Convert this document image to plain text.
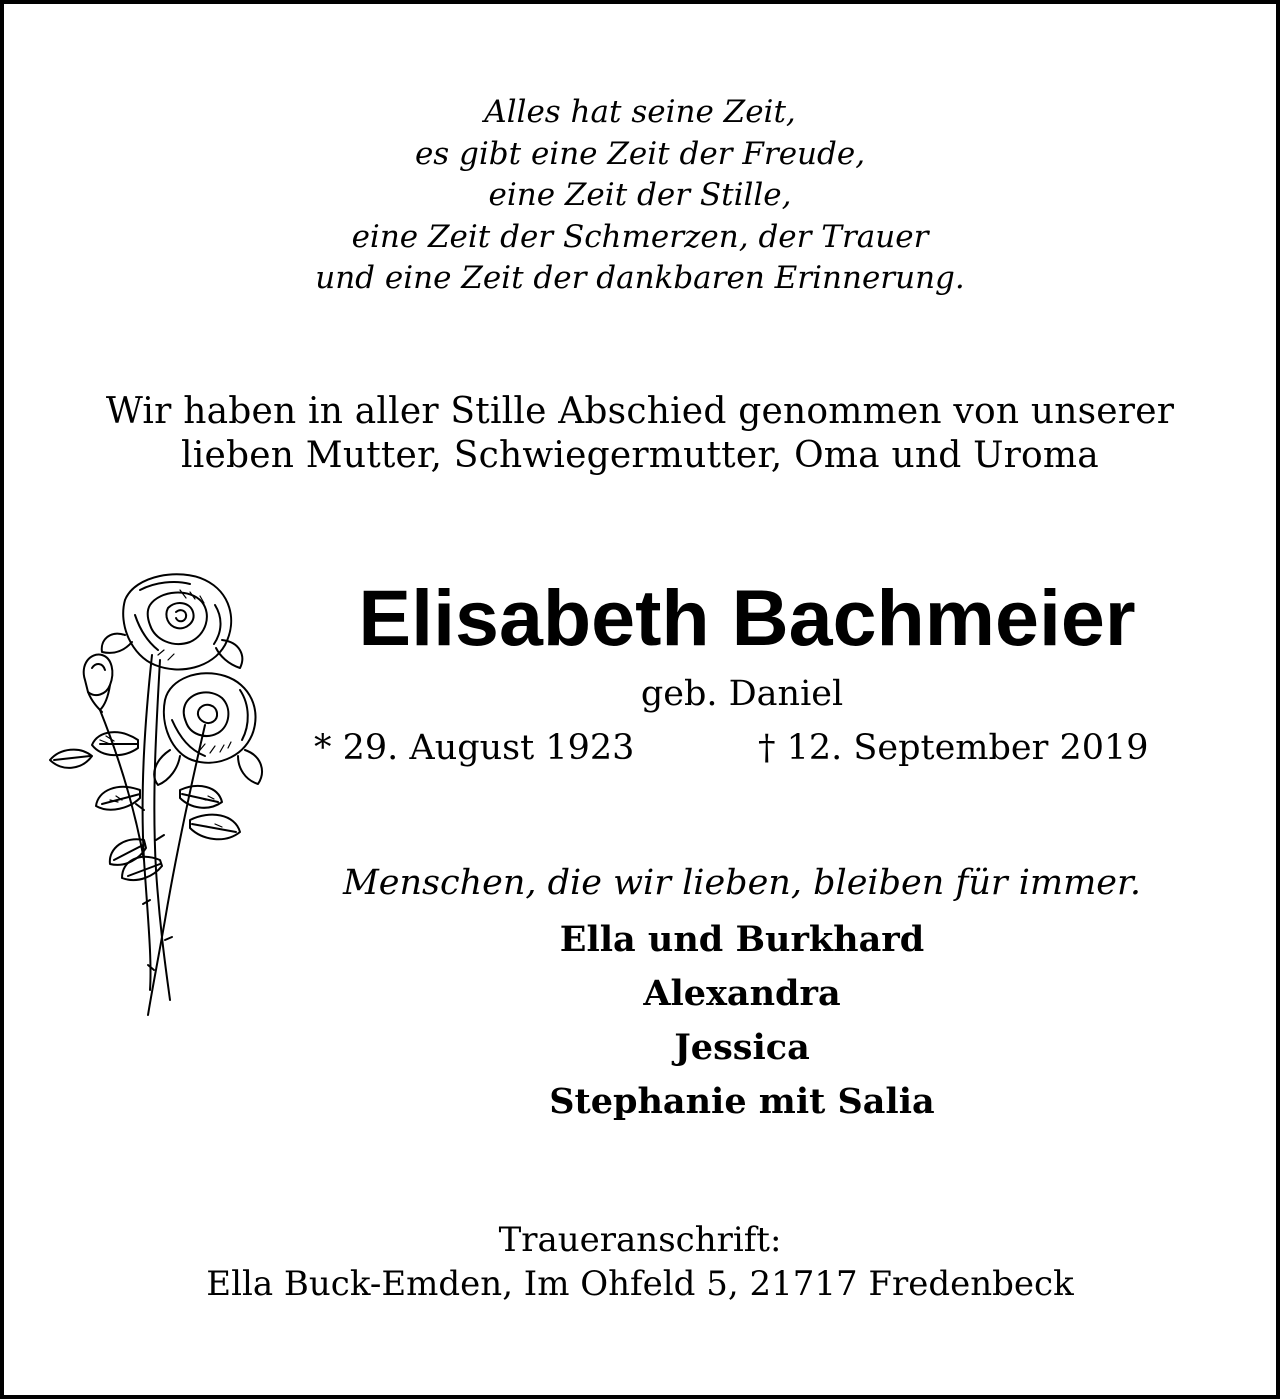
Alles hat seine Zeit,
es gibt eine Zeit der Freude,
eine Zeit der Stille,
eine Zeit der Schmerzen, der Trauer
und eine Zeit der dankbaren Erinnerung.
Wir haben in aller Stille Abschied genommen von unserer
lieben Mutter, Schwiegermutter, Oma und Uroma
Elisabeth Bachmeier
geb. Daniel
* 29. August 1923	† 12. September 2019
Menschen, die wir lieben, bleiben für immer.
Ella und Burkhard
Alexandra
Jessica
Stephanie mit Salia
Traueranschrift:
Ella Buck-Emden, Im Ohfeld 5, 21717 Fredenbeck
